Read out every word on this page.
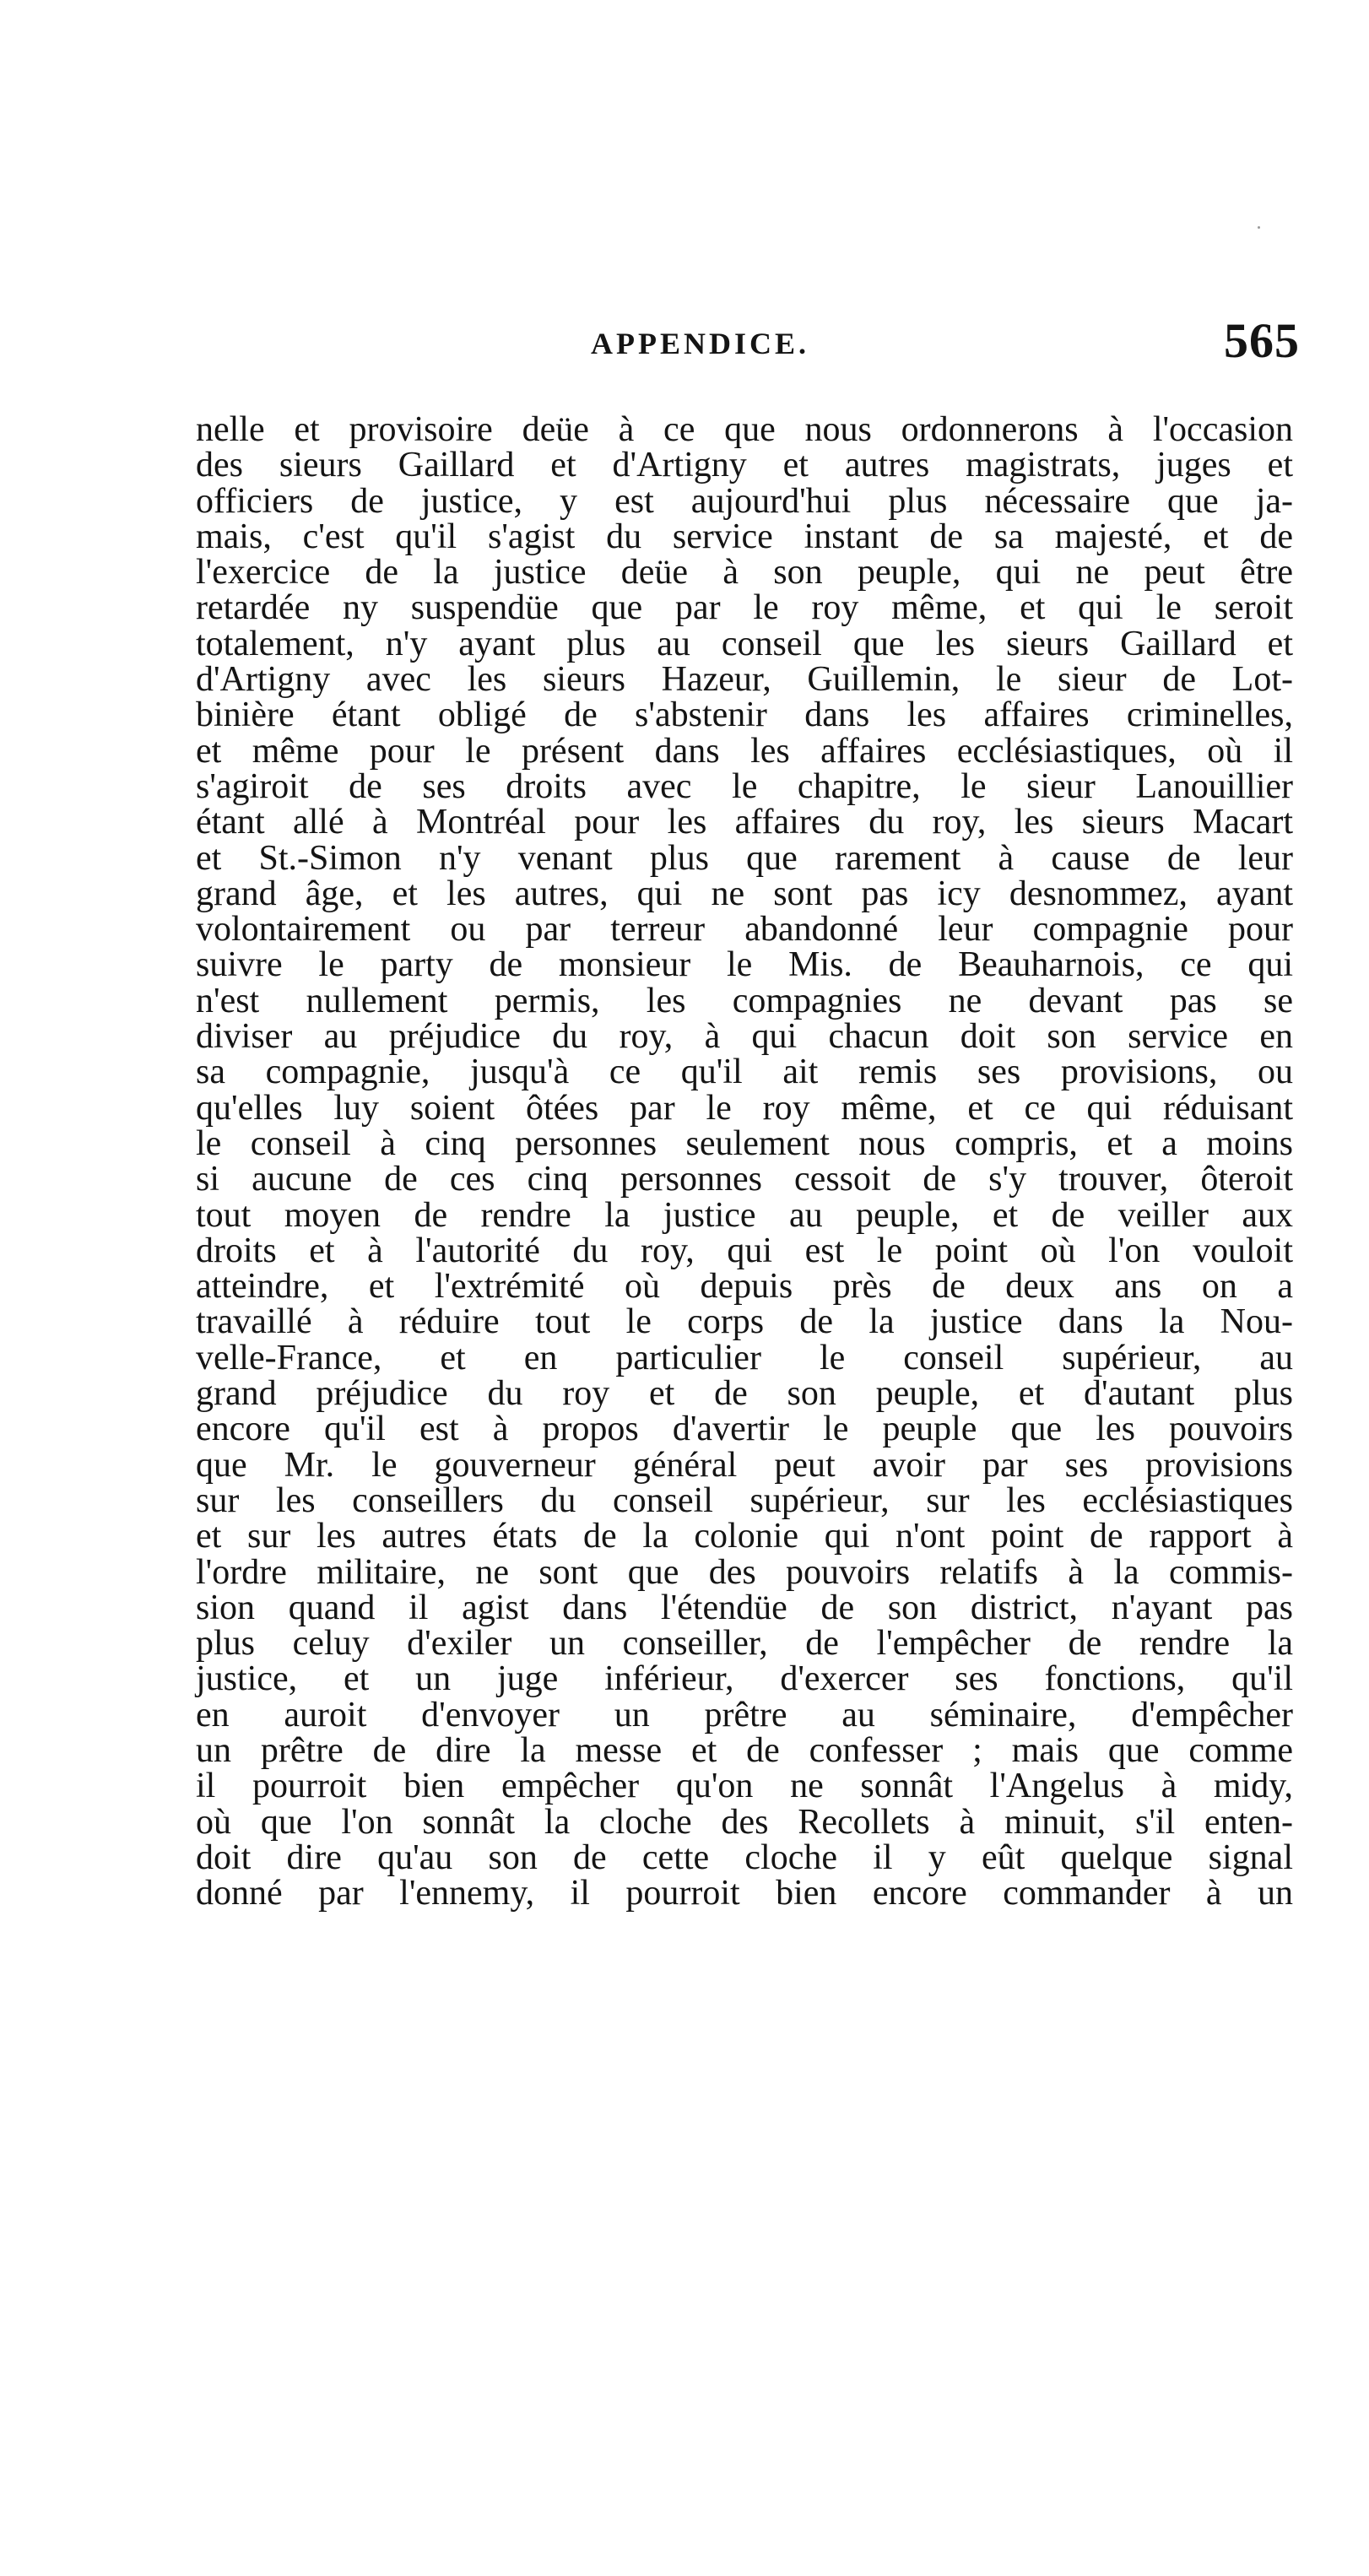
APPENDICE.	565
nelle et provisoire deüe à ce que nous ordonnerons à l'occasion
des sieurs Gaillard et d'Artigny et autres magistrats, juges et
officiers de justice, y est aujourd'hui plus nécessaire que ja-
mais, c'est qu'il s'agist du service instant de sa majesté, et de
l'exercice de la justice deüe à son peuple, qui ne peut être
retardée ny suspendüe que par le roy même, et qui le seroit
totalement, n'y ayant plus au conseil que les sieurs Gaillard et
d'Artigny avec les sieurs Hazeur, Guillemin, le sieur de Lot-
binière étant obligé de s'abstenir dans les affaires criminelles,
et même pour le présent dans les affaires ecclésiastiques, où il
s'agiroit de ses droits avec le chapitre, le sieur Lanouillier
étant allé à Montréal pour les affaires du roy, les sieurs Macart
et St.-Simon n'y venant plus que rarement à cause de leur
grand âge, et les autres, qui ne sont pas icy desnommez, ayant
volontairement ou par terreur abandonné leur compagnie pour
suivre le party de monsieur le Mis. de Beauharnois, ce qui
n'est nullement permis, les compagnies ne devant pas se
diviser au préjudice du roy, à qui chacun doit son service en
sa compagnie, jusqu'à ce qu'il ait remis ses provisions, ou
qu'elles luy soient ôtées par le roy même, et ce qui réduisant
le conseil à cinq personnes seulement nous compris, et a moins
si aucune de ces cinq personnes cessoit de s'y trouver, ôteroit
tout moyen de rendre la justice au peuple, et de veiller aux
droits et à l'autorité du roy, qui est le point où l'on vouloit
atteindre, et l'extrémité où depuis près de deux ans on a
travaillé à réduire tout le corps de la justice dans la Nou-
velle-France, et en particulier le conseil supérieur, au
grand préjudice du roy et de son peuple, et d'autant plus
encore qu'il est à propos d'avertir le peuple que les pouvoirs
que Mr. le gouverneur général peut avoir par ses provisions
sur les conseillers du conseil supérieur, sur les ecclésiastiques
et sur les autres états de la colonie qui n'ont point de rapport à
l'ordre militaire, ne sont que des pouvoirs relatifs à la commis-
sion quand il agist dans l'étendüe de son district, n'ayant pas
plus celuy d'exiler un conseiller, de l'empêcher de rendre la
justice, et un juge inférieur, d'exercer ses fonctions, qu'il
en auroit d'envoyer un prêtre au séminaire, d'empêcher
un prêtre de dire la messe et de confesser ; mais que comme
il pourroit bien empêcher qu'on ne sonnât l'Angelus à midy,
où que l'on sonnât la cloche des Recollets à minuit, s'il enten-
doit dire qu'au son de cette cloche il y eût quelque signal
donné par l'ennemy, il pourroit bien encore commander à un
